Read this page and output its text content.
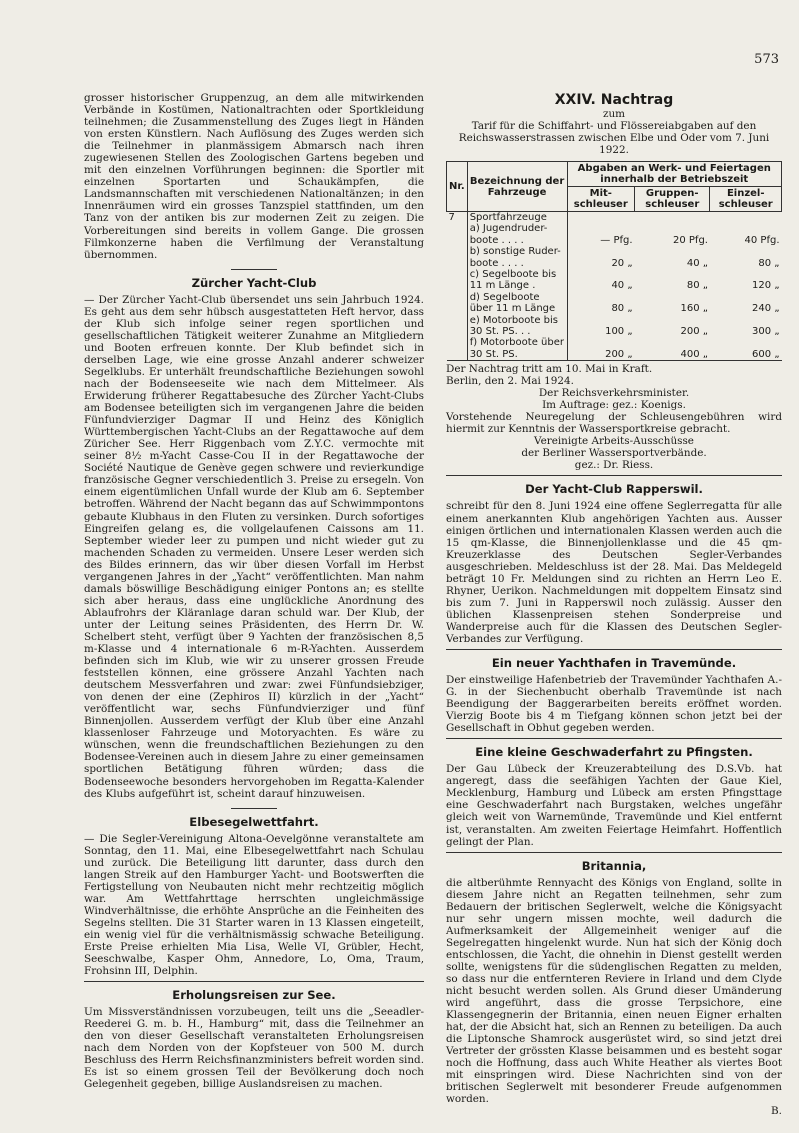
573

grosser historischer Gruppenzug, an dem alle mitwirkenden Verbände in Kostümen, Nationaltrachten oder Sportkleidung teilnehmen; die Zusammenstellung des Zuges liegt in Händen von ersten Künstlern. Nach Auflösung des Zuges werden sich die Teilnehmer in planmässigem Abmarsch nach ihren zugewiesenen Stellen des Zoologischen Gartens begeben und mit den einzelnen Vorführungen beginnen: die Sportler mit einzelnen Sportarten und Schaukämpfen, die Landsmannschaften mit verschiedenen Nationaltänzen; in den Innenräumen wird ein grosses Tanzspiel stattfinden, um den Tanz von der antiken bis zur modernen Zeit zu zeigen. Die Vorbereitungen sind bereits in vollem Gange. Die grossen Filmkonzerne haben die Verfilmung der Veranstaltung übernommen.

Zürcher Yacht-Club

— Der Zürcher Yacht-Club übersendet uns sein Jahrbuch 1924. Es geht aus dem sehr hübsch ausgestatteten Heft hervor, dass der Klub sich infolge seiner regen sportlichen und gesellschaftlichen Tätigkeit weiterer Zunahme an Mitgliedern und Booten erfreuen konnte. Der Klub befindet sich in derselben Lage, wie eine grosse Anzahl anderer schweizer Segelklubs. Er unterhält freundschaftliche Beziehungen sowohl nach der Bodenseeseite wie nach dem Mittelmeer. Als Erwiderung früherer Regattabesuche des Zürcher Yacht-Clubs am Bodensee beteiligten sich im vergangenen Jahre die beiden Fünfundvierziger Dagmar II und Heinz des Königlich Württembergischen Yacht-Clubs an der Regattawoche auf dem Züricher See. Herr Riggenbach vom Z.Y.C. vermochte mit seiner 8½ m-Yacht Casse-Cou II in der Regattawoche der Société Nautique de Genève gegen schwere und revierkundige französische Gegner verschiedentlich 3. Preise zu ersegeln. Von einem eigentümlichen Unfall wurde der Klub am 6. September betroffen. Während der Nacht begann das auf Schwimmpontons gebaute Klubhaus in den Fluten zu versinken. Durch sofortiges Eingreifen gelang es, die vollgelaufenen Caissons am 11. September wieder leer zu pumpen und nicht wieder gut zu machenden Schaden zu vermeiden. Unsere Leser werden sich des Bildes erinnern, das wir über diesen Vorfall im Herbst vergangenen Jahres in der „Yacht“ veröffentlichten. Man nahm damals böswillige Beschädigung einiger Pontons an; es stellte sich aber heraus, dass eine unglückliche Anordnung des Ablaufrohrs der Kläranlage daran schuld war. Der Klub, der unter der Leitung seines Präsidenten, des Herrn Dr. W. Schelbert steht, verfügt über 9 Yachten der französischen 8,5 m-Klasse und 4 internationale 6 m-R-Yachten. Ausserdem befinden sich im Klub, wie wir zu unserer grossen Freude feststellen können, eine grössere Anzahl Yachten nach deutschem Messverfahren und zwar: zwei Fünfundsiebziger, von denen der eine (Zephiros II) kürzlich in der „Yacht“ veröffentlicht war, sechs Fünfundvierziger und fünf Binnenjollen. Ausserdem verfügt der Klub über eine Anzahl klassenloser Fahrzeuge und Motoryachten. Es wäre zu wünschen, wenn die freundschaftlichen Beziehungen zu den Bodensee-Vereinen auch in diesem Jahre zu einer gemeinsamen sportlichen Betätigung führen würden; dass die Bodenseewoche besonders hervorgehoben im Regatta-Kalender des Klubs aufgeführt ist, scheint darauf hinzuweisen.

Elbesegelwettfahrt.

— Die Segler-Vereinigung Altona-Oevelgönne veranstaltete am Sonntag, den 11. Mai, eine Elbesegelwettfahrt nach Schulau und zurück. Die Beteiligung litt darunter, dass durch den langen Streik auf den Hamburger Yacht- und Bootswerften die Fertigstellung von Neubauten nicht mehr rechtzeitig möglich war. Am Wettfahrttage herrschten ungleichmässige Windverhältnisse, die erhöhte Ansprüche an die Feinheiten des Segelns stellten. Die 31 Starter waren in 13 Klassen eingeteilt, ein wenig viel für die verhältnismässig schwache Beteiligung. Erste Preise erhielten Mia Lisa, Welle VI, Grübler, Hecht, Seeschwalbe, Kasper Ohm, Annedore, Lo, Oma, Traum, Frohsinn III, Delphin.

Erholungsreisen zur See.

Um Missverständnissen vorzubeugen, teilt uns die „Seeadler-Reederei G. m. b. H., Hamburg“ mit, dass die Teilnehmer an den von dieser Gesellschaft veranstalteten Erholungsreisen nach dem Norden von der Kopfsteuer von 500 M. durch Beschluss des Herrn Reichsfinanzministers befreit worden sind. Es ist so einem grossen Teil der Bevölkerung doch noch Gelegenheit gegeben, billige Auslandsreisen zu machen.

XXIV. Nachtrag
zum
Tarif für die Schiffahrt- und Flössereiabgaben auf den Reichswasserstrassen zwischen Elbe und Oder vom 7. Juni 1922.
Nr.	Bezeichnung der Fahrzeuge	Abgaben an Werk- und Feiertagen innerhalb der Betriebszeit		
		Mit-schleuser	Gruppen-schleuser	Einzel-schleuser
7	Sportfahrzeuge			
	a) Jugendruder-boote . . . .	— Pfg.	20 Pfg.	40 Pfg.
	b) sonstige Ruder-boote . . . .	20 „	40 „	80 „
	c) Segelboote bis 11 m Länge .	40 „	80 „	120 „
	d) Segelboote über 11 m Länge	80 „	160 „	240 „
	e) Motorboote bis 30 St. PS. . .	100 „	200 „	300 „
	f) Motorboote über 30 St. PS.	200 „	400 „	600 „

Der Nachtrag tritt am 10. Mai in Kraft.
Berlin, den 2. Mai 1924.

Der Reichsverkehrsminister.
Im Auftrage: gez.: Koenigs.

Vorstehende Neuregelung der Schleusengebühren wird hiermit zur Kenntnis der Wassersportkreise gebracht.

Vereinigte Arbeits-Ausschüsse
der Berliner Wassersportverbände.
gez.: Dr. Riess.
Der Yacht-Club Rapperswil.

schreibt für den 8. Juni 1924 eine offene Seglerregatta für alle einem anerkannten Klub angehörigen Yachten aus. Ausser einigen örtlichen und internationalen Klassen werden auch die 15 qm-Klasse, die Binnenjollenklasse und die 45 qm-Kreuzerklasse des Deutschen Segler-Verbandes ausgeschrieben. Meldeschluss ist der 28. Mai. Das Meldegeld beträgt 10 Fr. Meldungen sind zu richten an Herrn Leo E. Rhyner, Uerikon. Nachmeldungen mit doppeltem Einsatz sind bis zum 7. Juni in Rapperswil noch zulässig. Ausser den üblichen Klassenpreisen stehen Sonderpreise und Wanderpreise auch für die Klassen des Deutschen Segler-Verbandes zur Verfügung.

Ein neuer Yachthafen in Travemünde.

Der einstweilige Hafenbetrieb der Travemünder Yachthafen A.-G. in der Siechenbucht oberhalb Travemünde ist nach Beendigung der Baggerarbeiten bereits eröffnet worden. Vierzig Boote bis 4 m Tiefgang können schon jetzt bei der Gesellschaft in Obhut gegeben werden.

Eine kleine Geschwaderfahrt zu Pfingsten.

Der Gau Lübeck der Kreuzerabteilung des D.S.Vb. hat angeregt, dass die seefähigen Yachten der Gaue Kiel, Mecklenburg, Hamburg und Lübeck am ersten Pfingsttage eine Geschwaderfahrt nach Burgstaken, welches ungefähr gleich weit von Warnemünde, Travemünde und Kiel entfernt ist, veranstalten. Am zweiten Feiertage Heimfahrt. Hoffentlich gelingt der Plan.

Britannia,

die altberühmte Rennyacht des Königs von England, sollte in diesem Jahre nicht an Regatten teilnehmen, sehr zum Bedauern der britischen Seglerwelt, welche die Königsyacht nur sehr ungern missen mochte, weil dadurch die Aufmerksamkeit der Allgemeinheit weniger auf die Segelregatten hingelenkt wurde. Nun hat sich der König doch entschlossen, die Yacht, die ohnehin in Dienst gestellt werden sollte, wenigstens für die südenglischen Regatten zu melden, so dass nur die entfernteren Reviere in Irland und dem Clyde nicht besucht werden sollen. Als Grund dieser Umänderung wird angeführt, dass die grosse Terpsichore, eine Klassengegnerin der Britannia, einen neuen Eigner erhalten hat, der die Absicht hat, sich an Rennen zu beteiligen. Da auch die Liptonsche Shamrock ausgerüstet wird, so sind jetzt drei Vertreter der grössten Klasse beisammen und es besteht sogar noch die Hoffnung, dass auch White Heather als viertes Boot mit einspringen wird. Diese Nachrichten sind von der britischen Seglerwelt mit besonderer Freude aufgenommen worden.

B.
